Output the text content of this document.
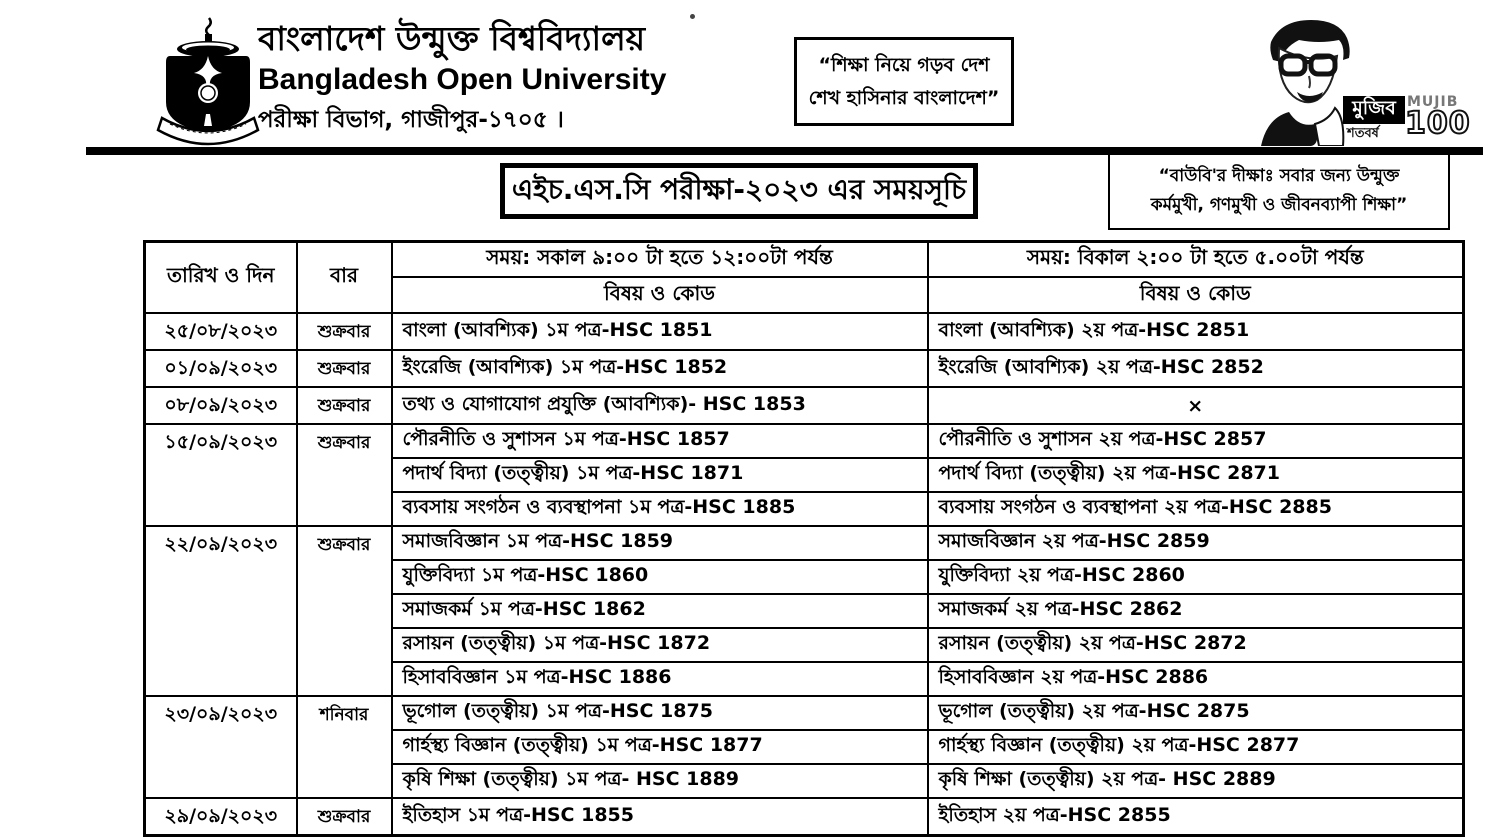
বাংলাদেশ উন্মুক্ত বিশ্ববিদ্যালয়
Bangladesh Open University
পরীক্ষা বিভাগ, গাজীপুর-১৭০৫ ।
“শিক্ষা নিয়ে গড়ব দেশ
শেখ হাসিনার বাংলাদেশ”	মুজিব
শতবর্ষ
MUJIB
100
এইচ.এস.সি পরীক্ষা-২০২৩ এর সময়সূচি	“বাউবি'র দীক্ষাঃ সবার জন্য উন্মুক্ত
কর্মমুখী, গণমুখী ও জীবনব্যাপী শিক্ষা”
তারিখ ও দিন	বার	সময়: সকাল ৯:০০ টা হতে ১২:০০টা পর্যন্ত	সময়: বিকাল ২:০০ টা হতে ৫.০০টা পর্যন্ত
		বিষয় ও কোড	বিষয় ও কোড
২৫/০৮/২০২৩	শুক্রবার	বাংলা (আবশ্যিক) ১ম পত্র-HSC 1851	বাংলা (আবশ্যিক) ২য় পত্র-HSC 2851
০১/০৯/২০২৩	শুক্রবার	ইংরেজি (আবশ্যিক) ১ম পত্র-HSC 1852	ইংরেজি (আবশ্যিক) ২য় পত্র-HSC 2852
০৮/০৯/২০২৩	শুক্রবার	তথ্য ও যোগাযোগ প্রযুক্তি (আবশ্যিক)- HSC 1853	×
১৫/০৯/২০২৩	শুক্রবার	পৌরনীতি ও সুশাসন ১ম পত্র-HSC 1857	পৌরনীতি ও সুশাসন ২য় পত্র-HSC 2857
		পদার্থ বিদ্যা (তত্ত্বীয়) ১ম পত্র-HSC 1871	পদার্থ বিদ্যা (তত্ত্বীয়) ২য় পত্র-HSC 2871
		ব্যবসায় সংগঠন ও ব্যবস্থাপনা ১ম পত্র-HSC 1885	ব্যবসায় সংগঠন ও ব্যবস্থাপনা ২য় পত্র-HSC 2885
২২/০৯/২০২৩	শুক্রবার	সমাজবিজ্ঞান ১ম পত্র-HSC 1859	সমাজবিজ্ঞান ২য় পত্র-HSC 2859
		যুক্তিবিদ্যা ১ম পত্র-HSC 1860	যুক্তিবিদ্যা ২য় পত্র-HSC 2860
		সমাজকর্ম ১ম পত্র-HSC 1862	সমাজকর্ম ২য় পত্র-HSC 2862
		রসায়ন (তত্ত্বীয়) ১ম পত্র-HSC 1872	রসায়ন (তত্ত্বীয়) ২য় পত্র-HSC 2872
		হিসাববিজ্ঞান ১ম পত্র-HSC 1886	হিসাববিজ্ঞান ২য় পত্র-HSC 2886
২৩/০৯/২০২৩	শনিবার	ভূগোল (তত্ত্বীয়) ১ম পত্র-HSC 1875	ভূগোল (তত্ত্বীয়) ২য় পত্র-HSC 2875
		গার্হস্থ্য বিজ্ঞান (তত্ত্বীয়) ১ম পত্র-HSC 1877	গার্হস্থ্য বিজ্ঞান (তত্ত্বীয়) ২য় পত্র-HSC 2877
		কৃষি শিক্ষা (তত্ত্বীয়) ১ম পত্র- HSC 1889	কৃষি শিক্ষা (তত্ত্বীয়) ২য় পত্র- HSC 2889
২৯/০৯/২০২৩	শুক্রবার	ইতিহাস ১ম পত্র-HSC 1855	ইতিহাস ২য় পত্র-HSC 2855
